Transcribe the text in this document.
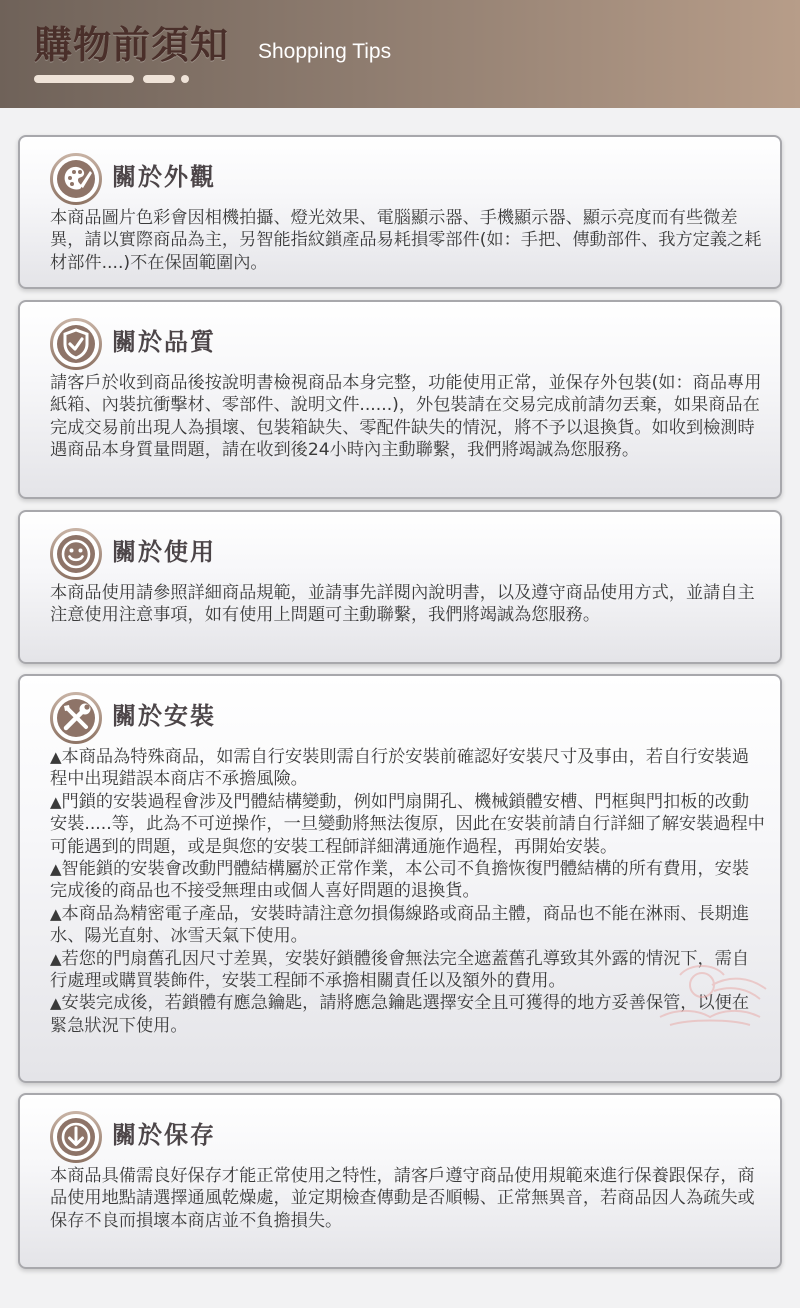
購物前須知 Shopping Tips
關於外觀

本商品圖片色彩會因相機拍攝、燈光效果、電腦顯示器、手機顯示器、顯示亮度而有些微差異，請以實際商品為主，另智能指紋鎖產品易耗損零部件(如：手把、傳動部件、我方定義之耗材部件....)不在保固範圍內。

關於品質

請客戶於收到商品後按說明書檢視商品本身完整，功能使用正常，並保存外包裝(如：商品專用紙箱、內裝抗衝擊材、零部件、說明文件......)，外包裝請在交易完成前請勿丟棄，如果商品在完成交易前出現人為損壞、包裝箱缺失、零配件缺失的情況，將不予以退換貨。如收到檢測時遇商品本身質量問題，請在收到後24小時內主動聯繫，我們將竭誠為您服務。

關於使用

本商品使用請參照詳細商品規範，並請事先詳閱內說明書，以及遵守商品使用方式，並請自主注意使用注意事項，如有使用上問題可主動聯繫，我們將竭誠為您服務。

關於安裝

▲ 本商品為特殊商品，如需自行安裝則需自行於安裝前確認好安裝尺寸及事由，若自行安裝過程中出現錯誤本商店不承擔風險。

▲ 門鎖的安裝過程會涉及門體結構變動，例如門扇開孔、機械鎖體安槽、門框與門扣板的改動安裝.....等，此為不可逆操作，一旦變動將無法復原，因此在安裝前請自行詳細了解安裝過程中可能遇到的問題，或是與您的安裝工程師詳細溝通施作過程，再開始安裝。

▲ 智能鎖的安裝會改動門體結構屬於正常作業，本公司不負擔恢復門體結構的所有費用，安裝完成後的商品也不接受無理由或個人喜好問題的退換貨。

▲ 本商品為精密電子產品，安裝時請注意勿損傷線路或商品主體，商品也不能在淋雨、長期進水、陽光直射、冰雪天氣下使用。

▲ 若您的門扇舊孔因尺寸差異，安裝好鎖體後會無法完全遮蓋舊孔導致其外露的情況下，需自行處理或購買裝飾件，安裝工程師不承擔相關責任以及額外的費用。

▲ 安裝完成後，若鎖體有應急鑰匙，請將應急鑰匙選擇安全且可獲得的地方妥善保管，以便在緊急狀況下使用。

關於保存

本商品具備需良好保存才能正常使用之特性，請客戶遵守商品使用規範來進行保養跟保存，商品使用地點請選擇通風乾燥處，並定期檢查傳動是否順暢、正常無異音，若商品因人為疏失或保存不良而損壞本商店並不負擔損失。
